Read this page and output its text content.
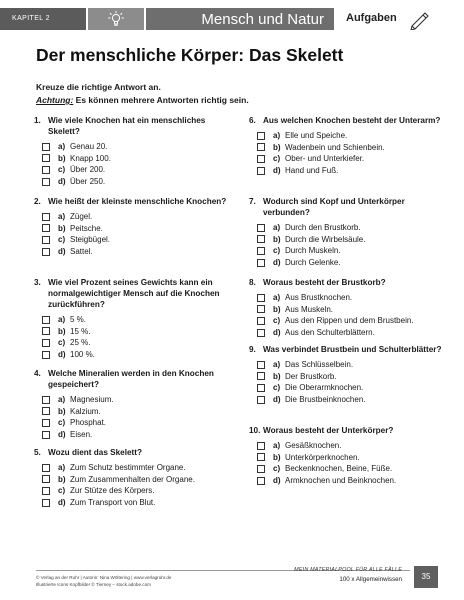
KAPITEL 2	Mensch und Natur	Aufgaben
Der menschliche Körper: Das Skelett
Kreuze die richtige Antwort an.
Achtung: Es können mehrere Antworten richtig sein.
1. Wie viele Knochen hat ein menschliches Skelett?
a) Genau 20.
b) Knapp 100.
c) Über 200.
d) Über 250.
2. Wie heißt der kleinste menschliche Knochen?
a) Zügel.
b) Peitsche.
c) Steigbügel.
d) Sattel.
3. Wie viel Prozent seines Gewichts kann ein normalgewichtiger Mensch auf die Knochen zurückführen?
a) 5 %.
b) 15 %.
c) 25 %.
d) 100 %.
4. Welche Mineralien werden in den Knochen gespeichert?
a) Magnesium.
b) Kalzium.
c) Phosphat.
d) Eisen.
5. Wozu dient das Skelett?
a) Zum Schutz bestimmter Organe.
b) Zum Zusammenhalten der Organe.
c) Zur Stütze des Körpers.
d) Zum Transport von Blut.
6. Aus welchen Knochen besteht der Unterarm?
a) Elle und Speiche.
b) Wadenbein und Schienbein.
c) Ober- und Unterkiefer.
d) Hand und Fuß.
7. Wodurch sind Kopf und Unterkörper verbunden?
a) Durch den Brustkorb.
b) Durch die Wirbelsäule.
c) Durch Muskeln.
d) Durch Gelenke.
8. Woraus besteht der Brustkorb?
a) Aus Brustknochen.
b) Aus Muskeln.
c) Aus den Rippen und dem Brustbein.
d) Aus den Schulterblättern.
9. Was verbindet Brustbein und Schulterblätter?
a) Das Schlüsselbein.
b) Der Brustkorb.
c) Die Oberarmknochen.
d) Die Brustbeinknochen.
10. Woraus besteht der Unterkörper?
a) Gesäßknochen.
b) Unterkörperknochen.
c) Beckenknochen, Beine, Füße.
d) Armknochen und Beinknochen.
© Verlag an der Ruhr | Autorin: Nina Wöltering | www.verlagruhr.de
Illustrierte Icons Kopfbilder © Tierney – stock.adobe.com
MEIN MATERIALPOOL FÜR ALLE FÄLLE
100 x Allgemeinwissen	35
